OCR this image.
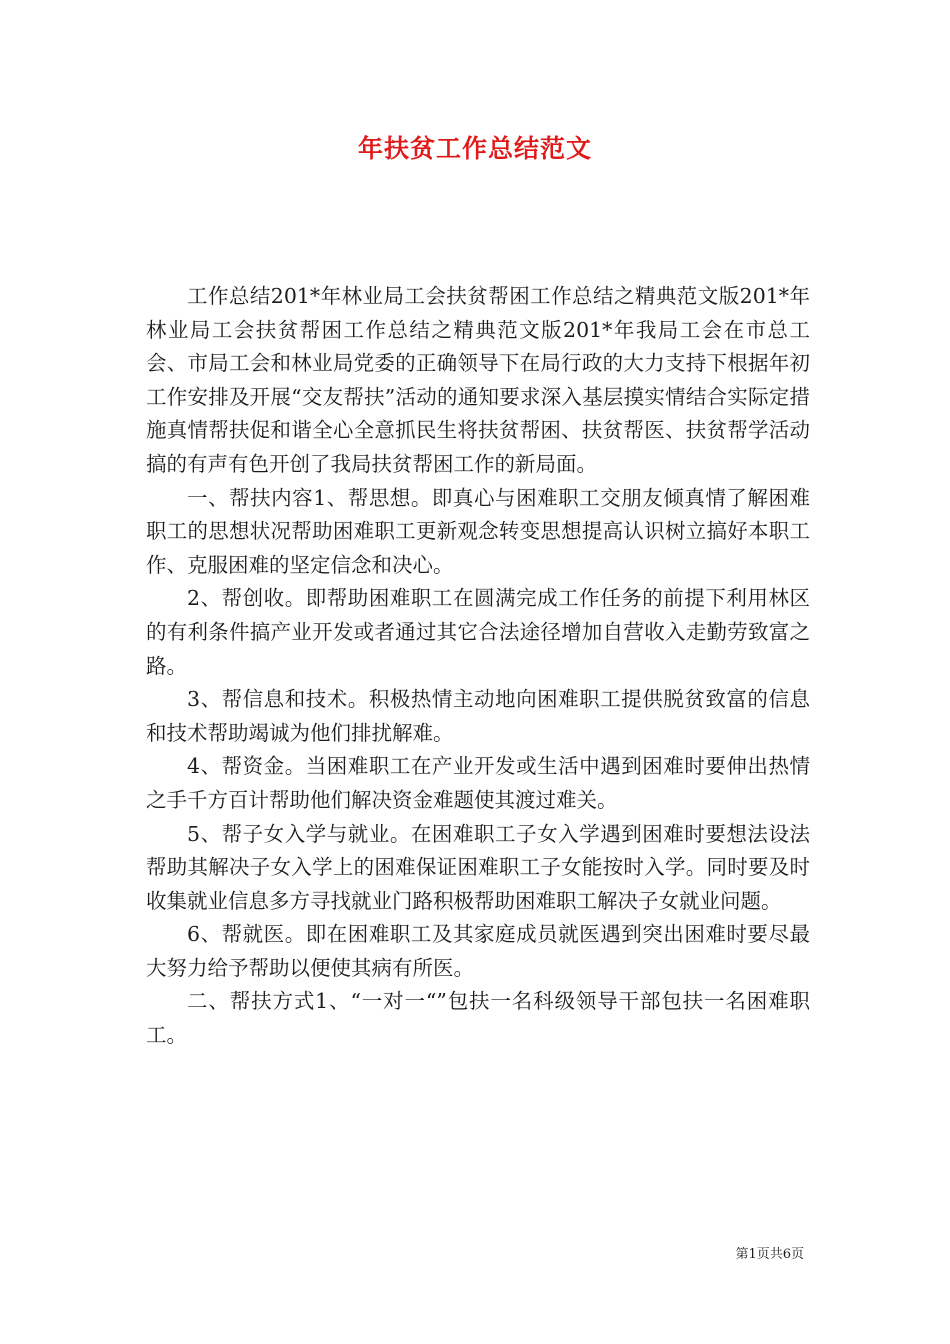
年扶贫工作总结范文

工作总结201*年林业局工会扶贫帮困工作总结之精典范文版201*年林业局工会扶贫帮困工作总结之精典范文版201*年我局工会在市总工会、市局工会和林业局党委的正确领导下在局行政的大力支持下根据年初工作安排及开展“交友帮扶”活动的通知要求深入基层摸实情结合实际定措施真情帮扶促和谐全心全意抓民生将扶贫帮困、扶贫帮医、扶贫帮学活动搞的有声有色开创了我局扶贫帮困工作的新局面。

一、帮扶内容1、帮思想。即真心与困难职工交朋友倾真情了解困难职工的思想状况帮助困难职工更新观念转变思想提高认识树立搞好本职工作、克服困难的坚定信念和决心。

2、帮创收。即帮助困难职工在圆满完成工作任务的前提下利用林区的有利条件搞产业开发或者通过其它合法途径增加自营收入走勤劳致富之路。

3、帮信息和技术。积极热情主动地向困难职工提供脱贫致富的信息和技术帮助竭诚为他们排扰解难。

4、帮资金。当困难职工在产业开发或生活中遇到困难时要伸出热情之手千方百计帮助他们解决资金难题使其渡过难关。

5、帮子女入学与就业。在困难职工子女入学遇到困难时要想法设法帮助其解决子女入学上的困难保证困难职工子女能按时入学。同时要及时收集就业信息多方寻找就业门路积极帮助困难职工解决子女就业问题。

6、帮就医。即在困难职工及其家庭成员就医遇到突出困难时要尽最大努力给予帮助以便使其病有所医。

二、帮扶方式1、“一对一“”包扶一名科级领导干部包扶一名困难职工。

第1页共6页
